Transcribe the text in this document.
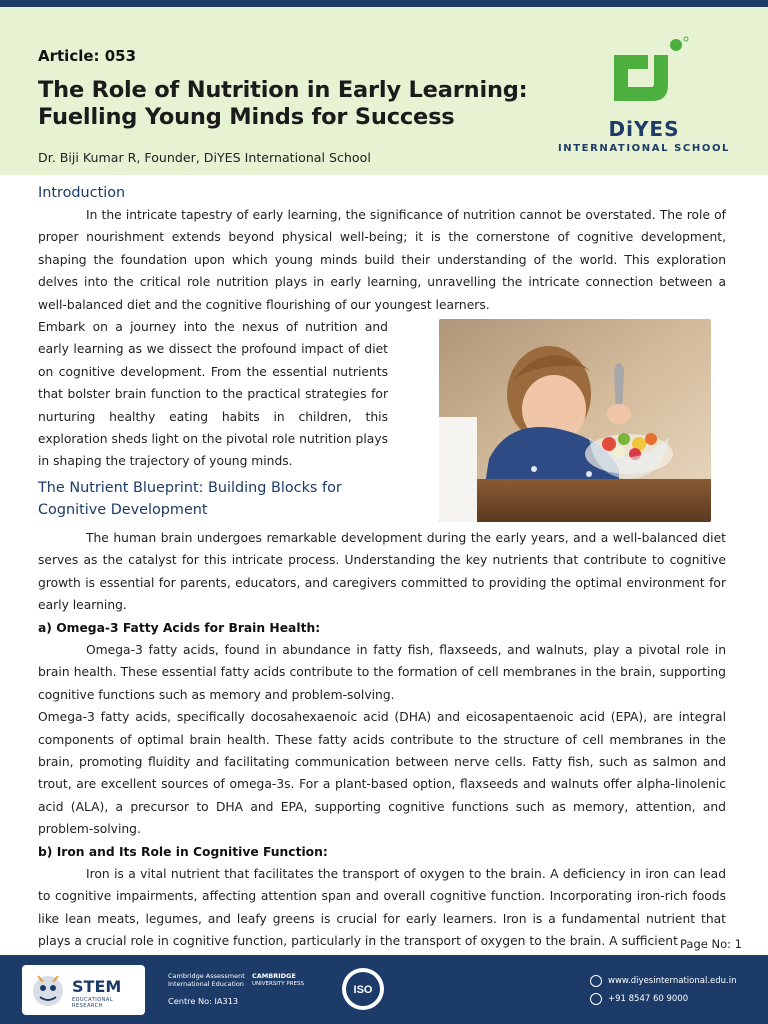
Article: 053
The Role of Nutrition in Early Learning:
Fuelling Young Minds for Success
Dr. Biji Kumar R, Founder, DiYES International School
DiYES
INTERNATIONAL SCHOOL
Introduction

In the intricate tapestry of early learning, the significance of nutrition cannot be overstated. The role of proper nourishment extends beyond physical well-being; it is the cornerstone of cognitive development, shaping the foundation upon which young minds build their understanding of the world. This exploration delves into the critical role nutrition plays in early learning, unravelling the intricate connection between a well-balanced diet and the cognitive flourishing of our youngest learners.

Embark on a journey into the nexus of nutrition and early learning as we dissect the profound impact of diet on cognitive development. From the essential nutrients that bolster brain function to the practical strategies for nurturing healthy eating habits in children, this exploration sheds light on the pivotal role nutrition plays in shaping the trajectory of young minds.

The Nutrient Blueprint: Building Blocks for
Cognitive Development

The human brain undergoes remarkable development during the early years, and a well-balanced diet serves as the catalyst for this intricate process. Understanding the key nutrients that contribute to cognitive growth is essential for parents, educators, and caregivers committed to providing the optimal environment for early learning.

a) Omega-3 Fatty Acids for Brain Health:

Omega-3 fatty acids, found in abundance in fatty fish, flaxseeds, and walnuts, play a pivotal role in brain health. These essential fatty acids contribute to the formation of cell membranes in the brain, supporting cognitive functions such as memory and problem-solving.

Omega-3 fatty acids, specifically docosahexaenoic acid (DHA) and eicosapentaenoic acid (EPA), are integral components of optimal brain health. These fatty acids contribute to the structure of cell membranes in the brain, promoting fluidity and facilitating communication between nerve cells. Fatty fish, such as salmon and trout, are excellent sources of omega-3s. For a plant-based option, flaxseeds and walnuts offer alpha-linolenic acid (ALA), a precursor to DHA and EPA, supporting cognitive functions such as memory, attention, and problem-solving.

b) Iron and Its Role in Cognitive Function:

Iron is a vital nutrient that facilitates the transport of oxygen to the brain. A deficiency in iron can lead to cognitive impairments, affecting attention span and overall cognitive function. Incorporating iron-rich foods like lean meats, legumes, and leafy greens is crucial for early learners. Iron is a fundamental nutrient that plays a crucial role in cognitive function, particularly in the transport of oxygen to the brain. A sufficient Page No: 1
STEM
EDUCATIONAL RESEARCH
Cambridge Assessment
International Education
CAMBRIDGE
UNIVERSITY PRESS
Centre No: IA313
ISO
www.diyesinternational.edu.in
+91 8547 60 9000
